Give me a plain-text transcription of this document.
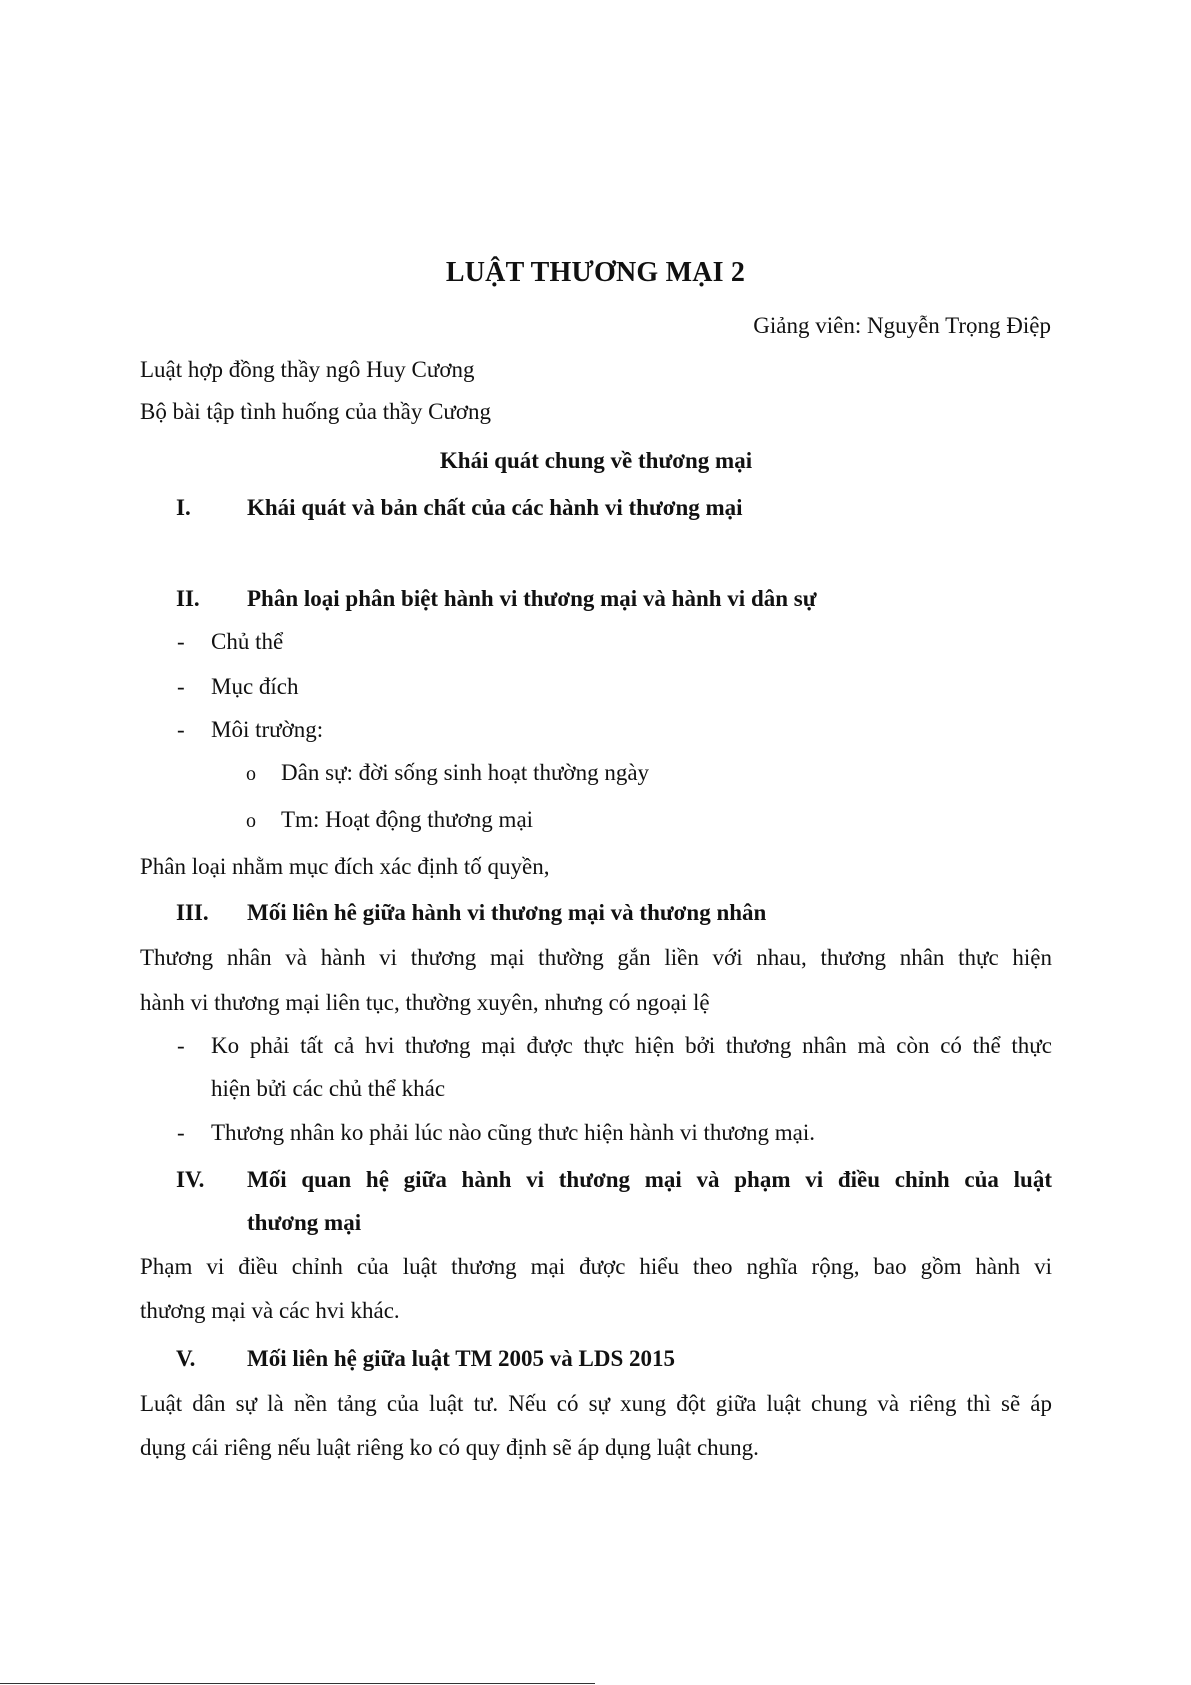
LUẬT THƯƠNG MẠI 2
Giảng viên: Nguyễn Trọng Điệp
Luật hợp đồng thầy ngô Huy Cương
Bộ bài tập tình huống của thầy Cương
Khái quát chung về thương mại
I. Khái quát và bản chất của các hành vi thương mại
II. Phân loại phân biệt hành vi thương mại và hành vi dân sự
- Chủ thể
- Mục đích
- Môi trường:
o Dân sự: đời sống sinh hoạt thường ngày
o Tm: Hoạt động thương mại
Phân loại nhằm mục đích xác định tố quyền,
III. Mối liên hê giữa hành vi thương mại và thương nhân
Thương nhân và hành vi thương mại thường gắn liền với nhau, thương nhân thực hiện
hành vi thương mại liên tục, thường xuyên, nhưng có ngoại lệ
- Ko phải tất cả hvi thương mại được thực hiện bởi thương nhân mà còn có thể thực
hiện bửi các chủ thể khác
- Thương nhân ko phải lúc nào cũng thưc hiện hành vi thương mại.
IV. Mối quan hệ giữa hành vi thương mại và phạm vi điều chỉnh của luật
thương mại
Phạm vi điều chỉnh của luật thương mại được hiểu theo nghĩa rộng, bao gồm hành vi
thương mại và các hvi khác.
V. Mối liên hệ giữa luật TM 2005 và LDS 2015
Luật dân sự là nền tảng của luật tư. Nếu có sự xung đột giữa luật chung và riêng thì sẽ áp
dụng cái riêng nếu luật riêng ko có quy định sẽ áp dụng luật chung.
